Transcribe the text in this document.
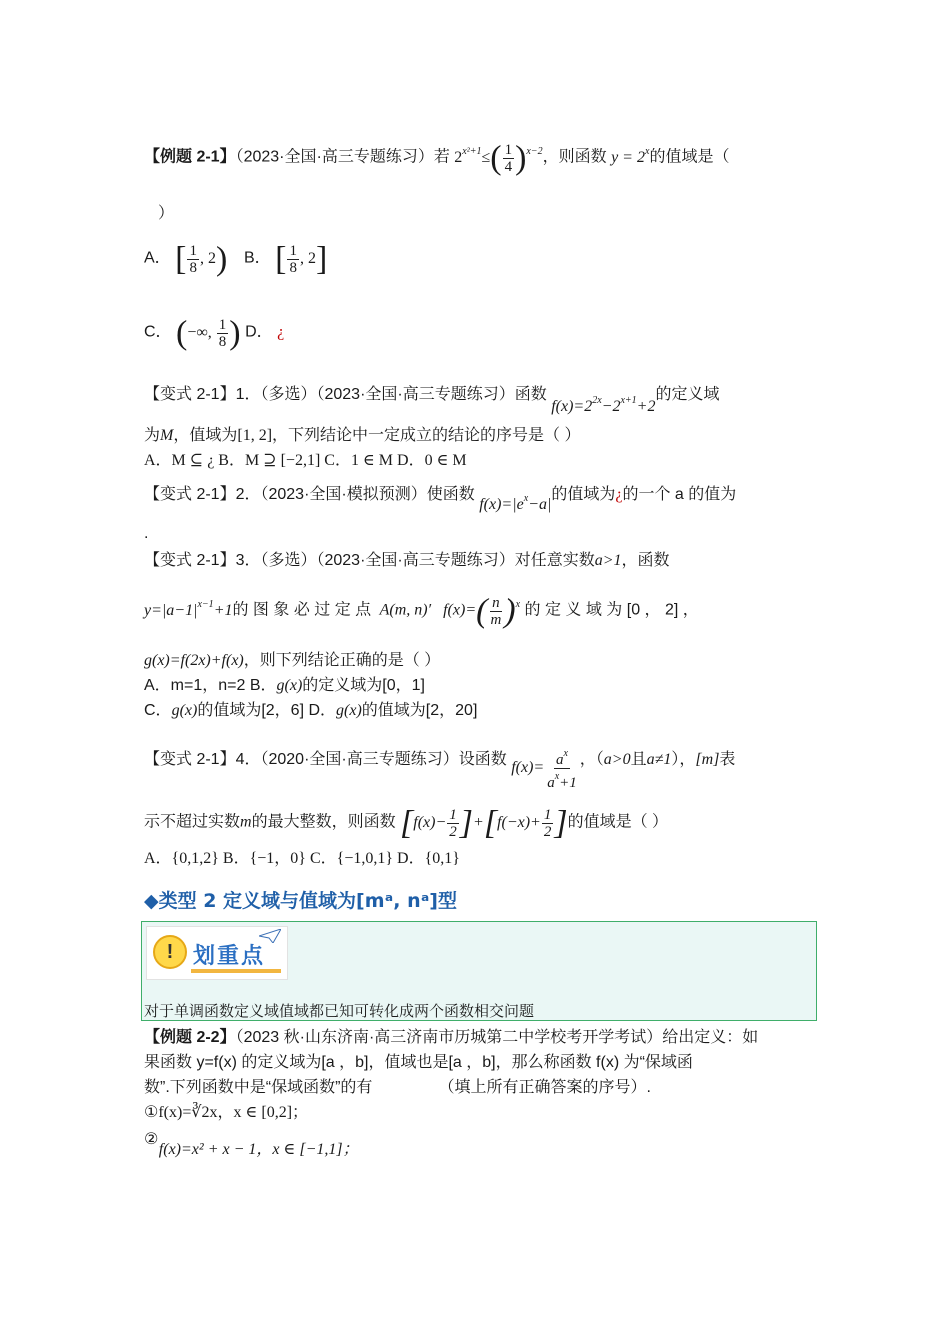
【例题 2-1】（2023·全国·高三专题练习）若 $2^{x^2+1}\le( \frac{1}{4} )^{x-2}$，则函数 $y = 2^x$的值域是（
）
A． [ $\frac{1}{8}$ , 2) B． [ $\frac{1}{8}$ , 2]
C． (−∞, $\frac{1}{8}$ ) D． ¿
【变式 2-1】1．（多选）（2023·全国·高三专题练习）函数 $f(x)=2^{2x}-2^{x+1}+2$的定义域
为M，值域为[1, 2]，下列结论中一定成立的结论的序号是（ ）
A．M ⊆ ¿ B．M ⊇ [−2,1] C．1 ∈ M D．0 ∈ M
【变式 2-1】2．（2023·全国·模拟预测）使函数 $f(x)=|e^x-a|$的值域为¿的一个 a 的值为
.
【变式 2-1】3．（多选）（2023·全国·高三专题练习）对任意实数a>1，函数
$y=|a-1|^{x-1}+1$的 图 象 必 过 定 点  A(m, n)′   $f(x)=( \frac{n}{m} )^x$ 的 定 义 域 为 [0 ， 2] ，
g(x)=f(2x)+f(x)，则下列结论正确的是（ ）
A．m=1，n=2 B．g(x)的定义域为[0，1]
C．g(x)的值域为[2，6] D．g(x)的值域为[2，20]
【变式 2-1】4．（2020·全国·高三专题练习）设函数 $f(x)= \frac{a^x}{a^x+1}$ ，（a>0且a≠1），[m]表
示不超过实数m的最大整数，则函数 $[f(x)- \frac{1}{2} ]+[f(-x)+ \frac{1}{2}$ ]的值域是（ ）
A．{0,1,2} B．{−1，0} C．{−1,0,1} D．{0,1}
◆类型 2 定义域与值域为[mᵃ, nᵃ]型
! 划重点
对于单调函数定义域值域都已知可转化成两个函数相交问题
【例题 2-2】（2023 秋·山东济南·高三济南市历城第二中学校考开学考试）给出定义：如
果函数 y=f(x) 的定义域为[a ，b]，值域也是[a ，b]，那么称函数 f(x) 为“保域函
数”.下列函数中是“保域函数”的有	（填上所有正确答案的序号）.
①f(x)=∛2x，x ∈ [0,2]；
② f(x)=x² + x − 1，x ∈ [−1,1]；
